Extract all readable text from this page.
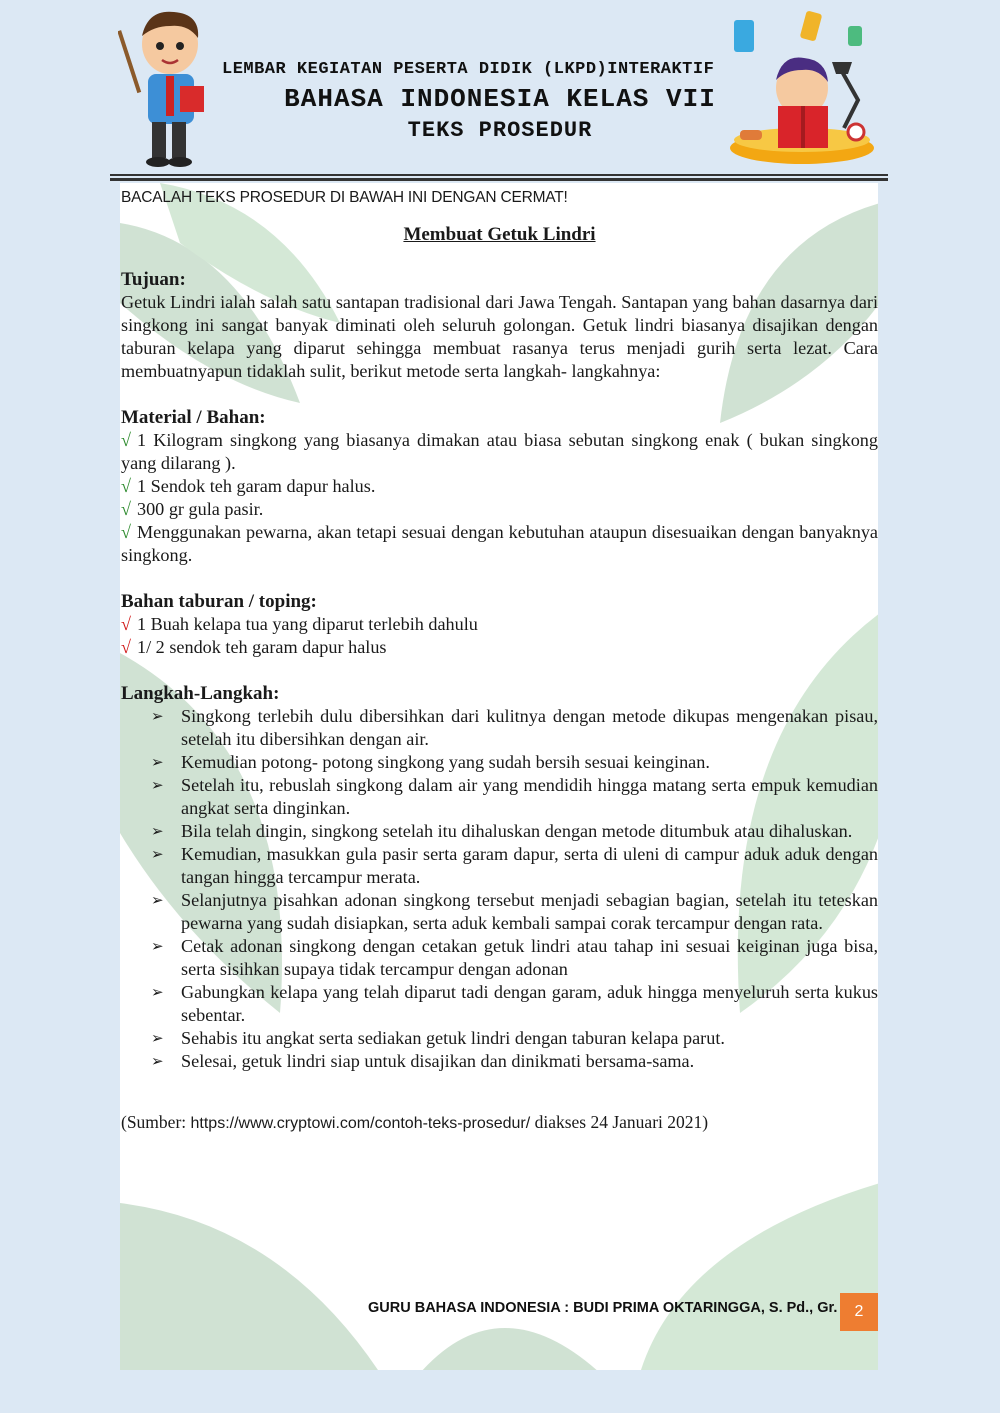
LEMBAR KEGIATAN PESERTA DIDIK (LKPD)INTERAKTIF
BAHASA INDONESIA KELAS VII
TEKS PROSEDUR
BACALAH TEKS PROSEDUR DI BAWAH INI DENGAN CERMAT!
Membuat Getuk Lindri
Tujuan:

Getuk Lindri ialah salah satu santapan tradisional dari Jawa Tengah. Santapan yang bahan dasarnya dari singkong ini sangat banyak diminati oleh seluruh golongan. Getuk lindri biasanya disajikan dengan taburan kelapa yang diparut sehingga membuat rasanya terus menjadi gurih serta lezat. Cara membuatnyapun tidaklah sulit, berikut metode serta langkah- langkahnya:

Material / Bahan:
√ 1 Kilogram singkong yang biasanya dimakan atau biasa sebutan singkong enak ( bukan singkong yang dilarang ).
√ 1 Sendok teh garam dapur halus.
√ 300 gr gula pasir.
√ Menggunakan pewarna, akan tetapi sesuai dengan kebutuhan ataupun disesuaikan dengan banyaknya singkong.
Bahan taburan / toping:
√ 1 Buah kelapa tua yang diparut terlebih dahulu
√ 1/ 2 sendok teh garam dapur halus
Langkah-Langkah:
➢ Singkong terlebih dulu dibersihkan dari kulitnya dengan metode dikupas mengenakan pisau, setelah itu dibersihkan dengan air.
➢ Kemudian potong- potong singkong yang sudah bersih sesuai keinginan.
➢ Setelah itu, rebuslah singkong dalam air yang mendidih hingga matang serta empuk kemudian angkat serta dinginkan.
➢ Bila telah dingin, singkong setelah itu dihaluskan dengan metode ditumbuk atau dihaluskan.
➢ Kemudian, masukkan gula pasir serta garam dapur, serta di uleni di campur aduk aduk dengan tangan hingga tercampur merata.
➢ Selanjutnya pisahkan adonan singkong tersebut menjadi sebagian bagian, setelah itu teteskan pewarna yang sudah disiapkan, serta aduk kembali sampai corak tercampur dengan rata.
➢ Cetak adonan singkong dengan cetakan getuk lindri atau tahap ini sesuai keiginan juga bisa, serta sisihkan supaya tidak tercampur dengan adonan
➢ Gabungkan kelapa yang telah diparut tadi dengan garam, aduk hingga menyeluruh serta kukus sebentar.
➢ Sehabis itu angkat serta sediakan getuk lindri dengan taburan kelapa parut.
➢ Selesai, getuk lindri siap untuk disajikan dan dinikmati bersama-sama.
(Sumber: https://www.cryptowi.com/contoh-teks-prosedur/ diakses 24 Januari 2021)
GURU BAHASA INDONESIA : BUDI PRIMA OKTARINGGA, S. Pd., Gr.	2
